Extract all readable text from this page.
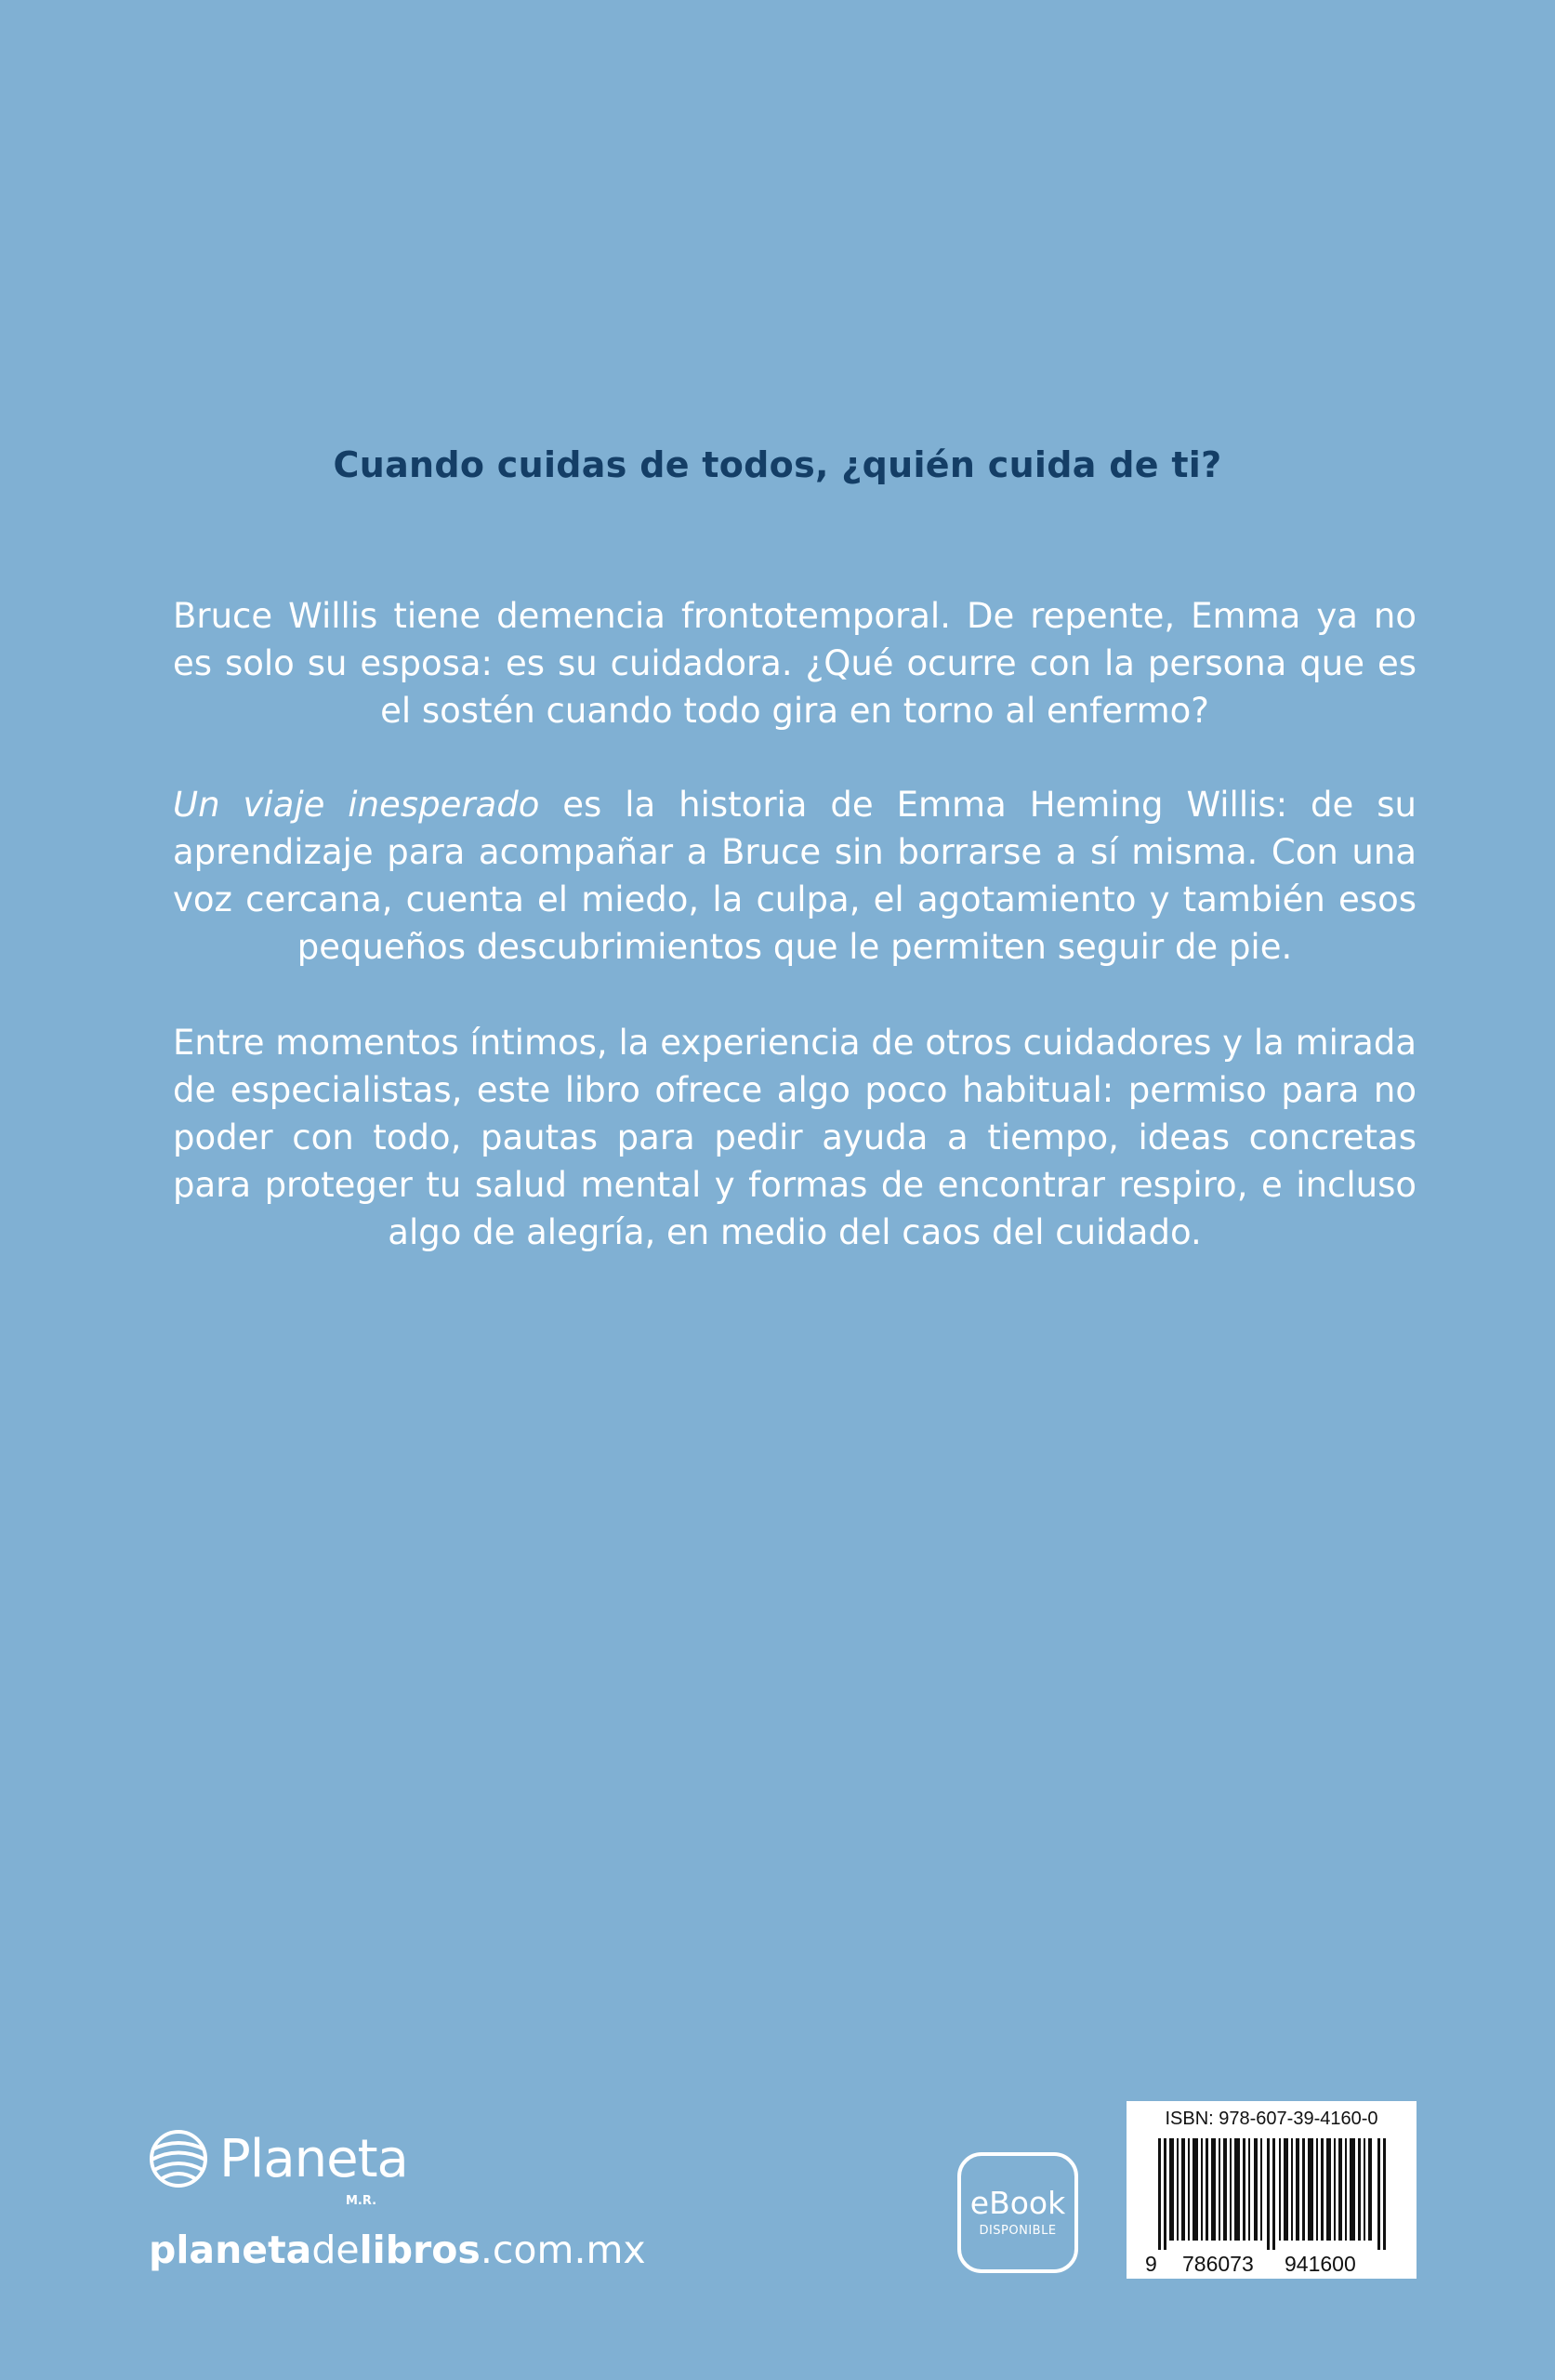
Cuando cuidas de todos, ¿quién cuida de ti?

Bruce Willis tiene demencia frontotemporal. De repente, Emma ya no es solo su esposa: es su cuidadora. ¿Qué ocurre con la persona que es el sostén cuando todo gira en torno al enfermo?

Un viaje inesperado es la historia de Emma Heming Willis: de su aprendizaje para acompañar a Bruce sin borrarse a sí misma. Con una voz cercana, cuenta el miedo, la culpa, el agotamiento y también esos pequeños descubrimientos que le permiten seguir de pie.

Entre momentos íntimos, la experiencia de otros cuidadores y la mirada de especialistas, este libro ofrece algo poco habitual: permiso para no poder con todo, pautas para pedir ayuda a tiempo, ideas concretas para proteger tu salud mental y formas de encontrar respiro, e incluso algo de alegría, en medio del caos del cuidado.

Planeta
M.R.
planetadelibros.com.mx
eBook
DISPONIBLE
ISBN: 978-607-39-4160-0
9 786073 941600
